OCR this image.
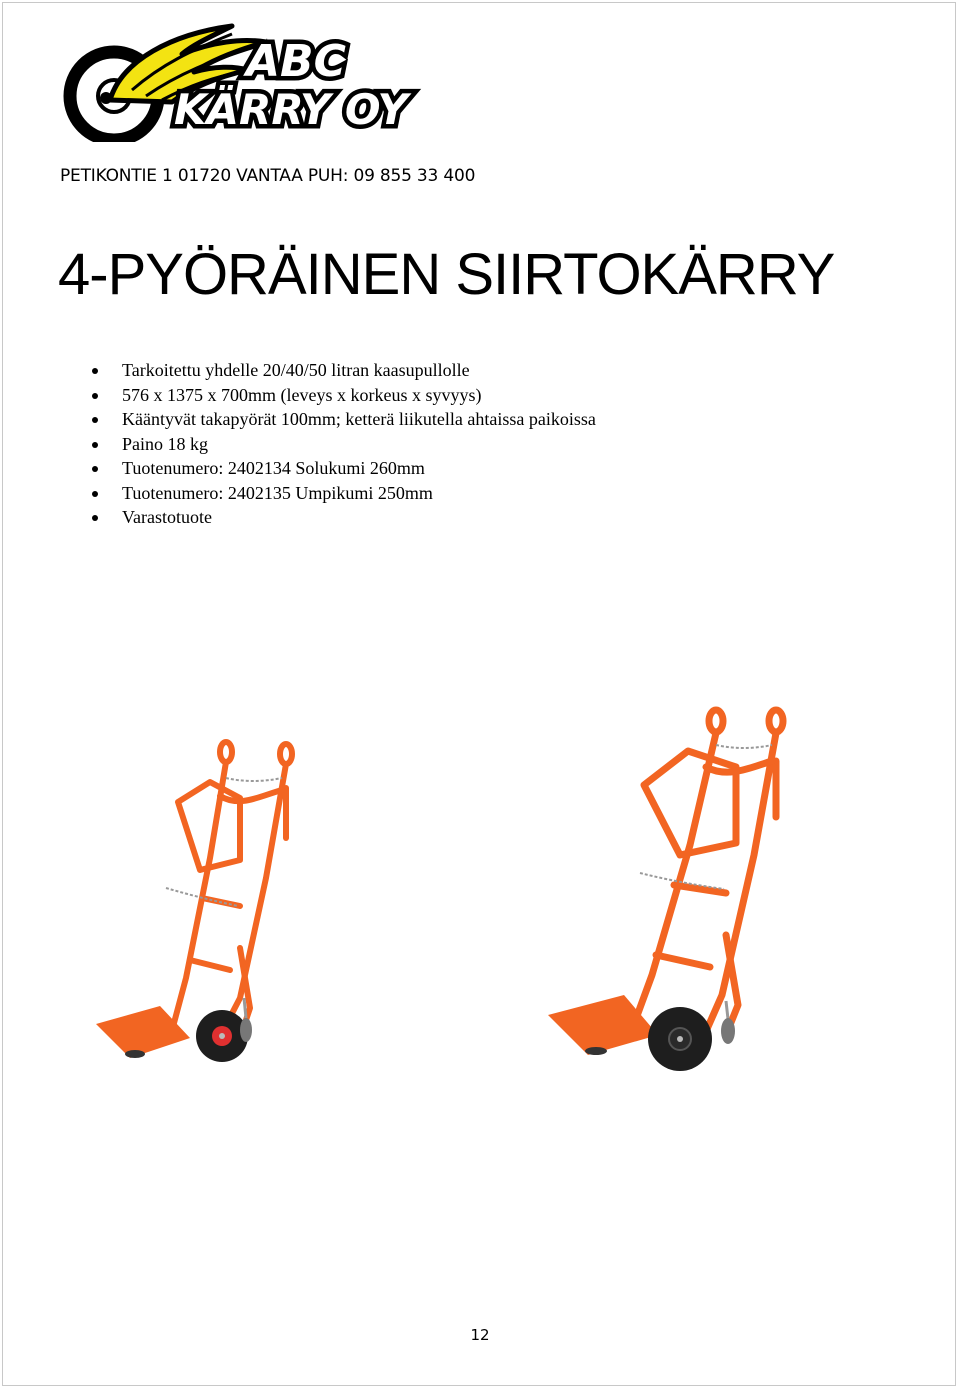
ABC
KÄRRY OY
PETIKONTIE 1 01720 VANTAA PUH: 09 855 33 400
4-PYÖRÄINEN SIIRTOKÄRRY
Tarkoitettu yhdelle 20/40/50 litran kaasupullolle
576 x 1375 x 700mm (leveys x korkeus x syvyys)
Kääntyvät takapyörät 100mm; ketterä liikutella ahtaissa paikoissa
Paino 18 kg
Tuotenumero: 2402134 Solukumi 260mm
Tuotenumero: 2402135 Umpikumi 250mm
Varastotuote
12
